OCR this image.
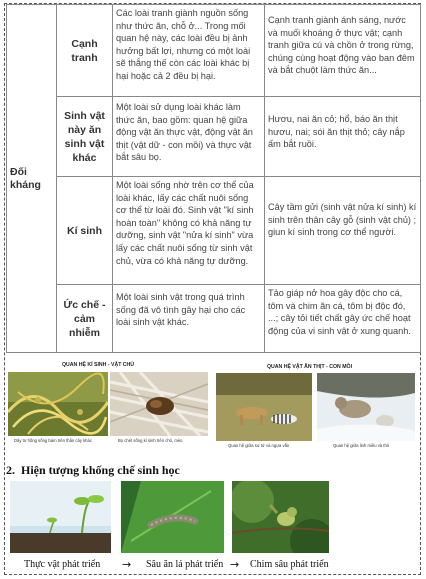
Đối kháng	Cạnh tranh	Các loài tranh giành nguồn sống như thức ăn, chỗ ở... Trong mối quan hệ này, các loài đều bị ảnh hưởng bất lợi, nhưng có một loài sẽ thắng thế còn các loài khác bị hại hoặc cả 2 đều bị hại.	Cạnh tranh giành ánh sáng, nước và muối khoáng ở thực vật; cạnh tranh giữa cú và chồn ở trong rừng, chúng cùng hoạt động vào ban đêm và bắt chuột làm thức ăn...
	Sinh vật này ăn sinh vật khác	Một loài sử dụng loài khác làm thức ăn, bao gồm: quan hệ giữa động vật ăn thực vật, động vật ăn thịt (vật dữ - con mồi) và thực vật bắt sâu bọ.	Hươu, nai ăn cỏ; hổ, báo ăn thịt hươu, nai; sói ăn thịt thỏ; cây nắp ấm bắt ruồi.
	Kí sinh	Một loài sống nhờ trên cơ thể của loài khác, lấy các chất nuôi sống cơ thể từ loài đó. Sinh vật "kí sinh hoàn toàn" không có khả năng tự dưỡng, sinh vật "nửa kí sinh" vừa lấy các chất nuôi sống từ sinh vật chủ, vừa có khả năng tự dưỡng.	Cây tầm gửi (sinh vật nửa kí sinh) kí sinh trên thân cây gỗ (sinh vật chủ) ; giun kí sinh trong cơ thể người.
	Ức chế - cảm nhiễm	Một loài sinh vật trong quá trình sống đã vô tình gây hại cho các loài sinh vật khác.	Tảo giáp nở hoa gây độc cho cá, tôm và chim ăn cá, tôm bị độc đó, ...; cây tỏi tiết chất gây ức chế hoạt động của vi sinh vật ở xung quanh.
QUAN HỆ KÍ SINH - VẬT CHỦ	QUAN HỆ VẬT ĂN THỊT - CON MỒI
Dây tơ hồng sống bám trên thân cây khác	Bọ chét sống kí sinh trên chó, mèo
Quan hệ giữa sư tử và ngựa vằn	Quan hệ giữa linh miêu và thỏ
2. Hiện tượng khống chế sinh học
Thực vật phát triển → Sâu ăn lá phát triển → Chim sâu phát triển
